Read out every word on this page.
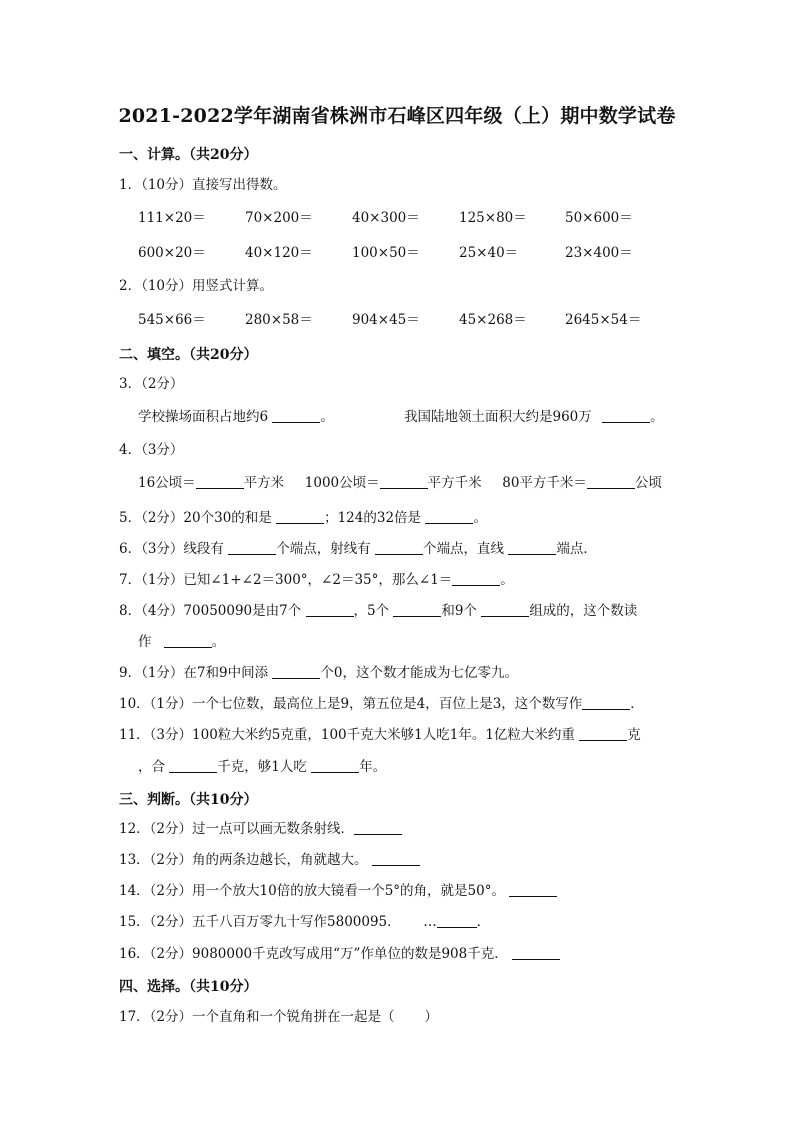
2021-2022学年湖南省株洲市石峰区四年级（上）期中数学试卷
一、计算。（共20分）
1．（10分）直接写出得数。
111×20＝	70×200＝	40×300＝	125×80＝	50×600＝
600×20＝	40×120＝	100×50＝	25×40＝	23×400＝
2．（10分）用竖式计算。
545×66＝	280×58＝	904×45＝	45×268＝	2645×54＝
二、填空。（共20分）
3．（2分）
学校操场面积占地约6	。	我国陆地领土面积大约是960万	。
4．（3分）
16公顷＝	平方米 1000公顷＝	平方千米 80平方千米＝	公顷
5．（2分）20个30的和是	；124的32倍是	。
6．（3分）线段有	个端点，射线有	个端点，直线	端点．
7．（1分）已知∠1+∠2＝300°，∠2＝35°，那么∠1＝	。
8．（4分）70050090是由7个	，5个	和9个	组成的，这个数读
作	。
9．（1分）在7和9中间添	个0，这个数才能成为七亿零九。
10．（1分）一个七位数，最高位上是9，第五位是4，百位上是3，这个数写作	．
11．（3分）100粒大米约5克重，100千克大米够1人吃1年。1亿粒大米约重	克
，合	千克，够1人吃	年。
三、判断。（共10分）
12．（2分）过一点可以画无数条射线．
13．（2分）角的两条边越长，角就越大。
14．（2分）用一个放大10倍的放大镜看一个5°的角，就是50°。
15．（2分）五千八百万零九十写作5800095． …	．
16．（2分）9080000千克改写成用“万”作单位的数是908千克．
四、选择。（共10分）
17．（2分）一个直角和一个锐角拼在一起是（ ）
